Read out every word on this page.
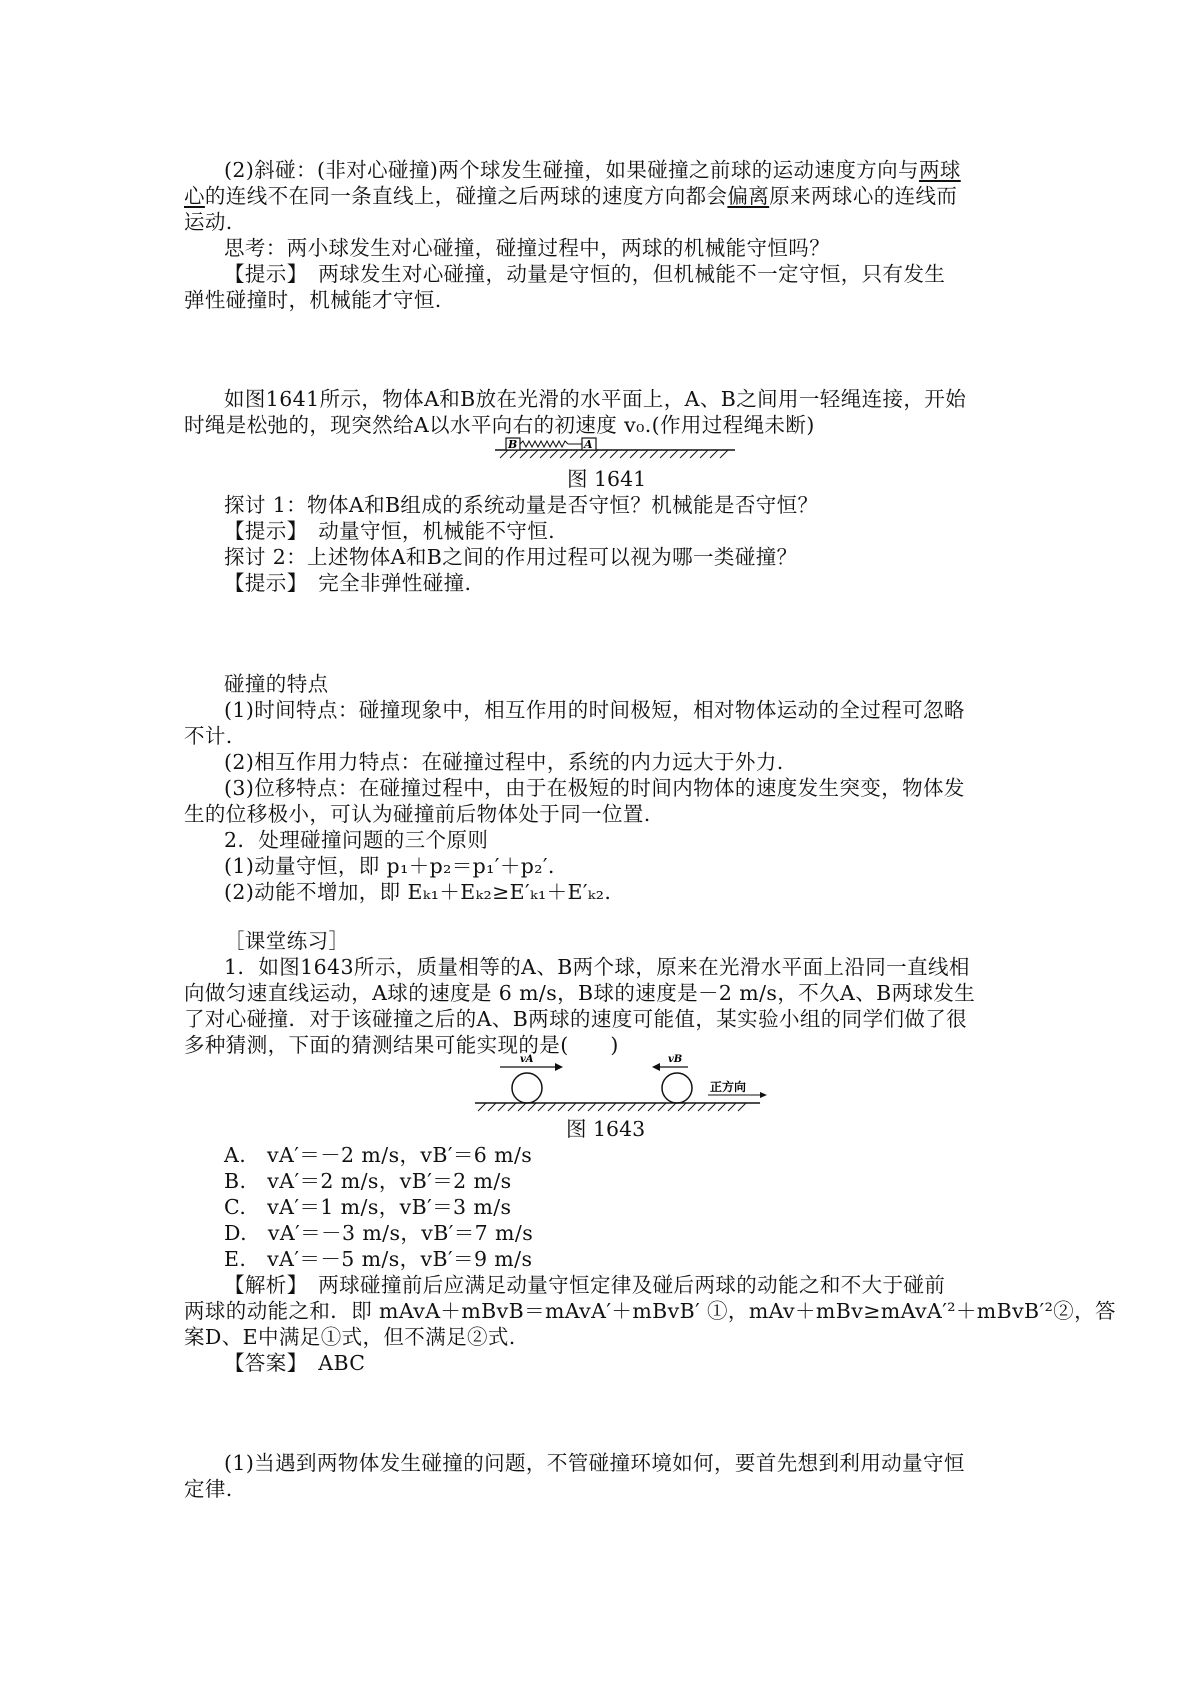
(2)斜碰：(非对心碰撞)两个球发生碰撞，如果碰撞之前球的运动速度方向与两球
心的连线不在同一条直线上，碰撞之后两球的速度方向都会偏离原来两球心的连线而
运动.
思考：两小球发生对心碰撞，碰撞过程中，两球的机械能守恒吗？
【提示】　两球发生对心碰撞，动量是守恒的，但机械能不一定守恒，只有发生
弹性碰撞时，机械能才守恒.
如图1641所示，物体A和B放在光滑的水平面上，A、B之间用一轻绳连接，开始
时绳是松弛的，现突然给A以水平向右的初速度 v₀.(作用过程绳未断)
B	A
图 1641
探讨 1：物体A和B组成的系统动量是否守恒？机械能是否守恒？
【提示】　动量守恒，机械能不守恒.
探讨 2：上述物体A和B之间的作用过程可以视为哪一类碰撞？
【提示】　完全非弹性碰撞.
碰撞的特点
(1)时间特点：碰撞现象中，相互作用的时间极短，相对物体运动的全过程可忽略
不计.
(2)相互作用力特点：在碰撞过程中，系统的内力远大于外力.
(3)位移特点：在碰撞过程中，由于在极短的时间内物体的速度发生突变，物体发
生的位移极小，可认为碰撞前后物体处于同一位置.
2．处理碰撞问题的三个原则
(1)动量守恒，即 p₁＋p₂＝p₁′＋p₂′.
(2)动能不增加，即 Eₖ₁＋Eₖ₂≥E′ₖ₁＋E′ₖ₂.
［课堂练习］
1．如图1643所示，质量相等的A、B两个球，原来在光滑水平面上沿同一直线相
向做匀速直线运动，A球的速度是 6 m/s，B球的速度是－2 m/s，不久A、B两球发生
了对心碰撞．对于该碰撞之后的A、B两球的速度可能值，某实验小组的同学们做了很
多种猜测，下面的猜测结果可能实现的是(　　)
vA	vB
正方向
图 1643
A.　vA′＝－2 m/s，vB′＝6 m/s
B.　vA′＝2 m/s，vB′＝2 m/s
C.　vA′＝1 m/s，vB′＝3 m/s
D.　vA′＝－3 m/s，vB′＝7 m/s
E.　vA′＝－5 m/s，vB′＝9 m/s
【解析】　两球碰撞前后应满足动量守恒定律及碰后两球的动能之和不大于碰前
两球的动能之和．即 mAvA＋mBvB＝mAvA′＋mBvB′ ①，mAv＋mBv≥mAvA′²＋mBvB′²②，答
案D、E中满足①式，但不满足②式.
【答案】　ABC
(1)当遇到两物体发生碰撞的问题，不管碰撞环境如何，要首先想到利用动量守恒
定律.
